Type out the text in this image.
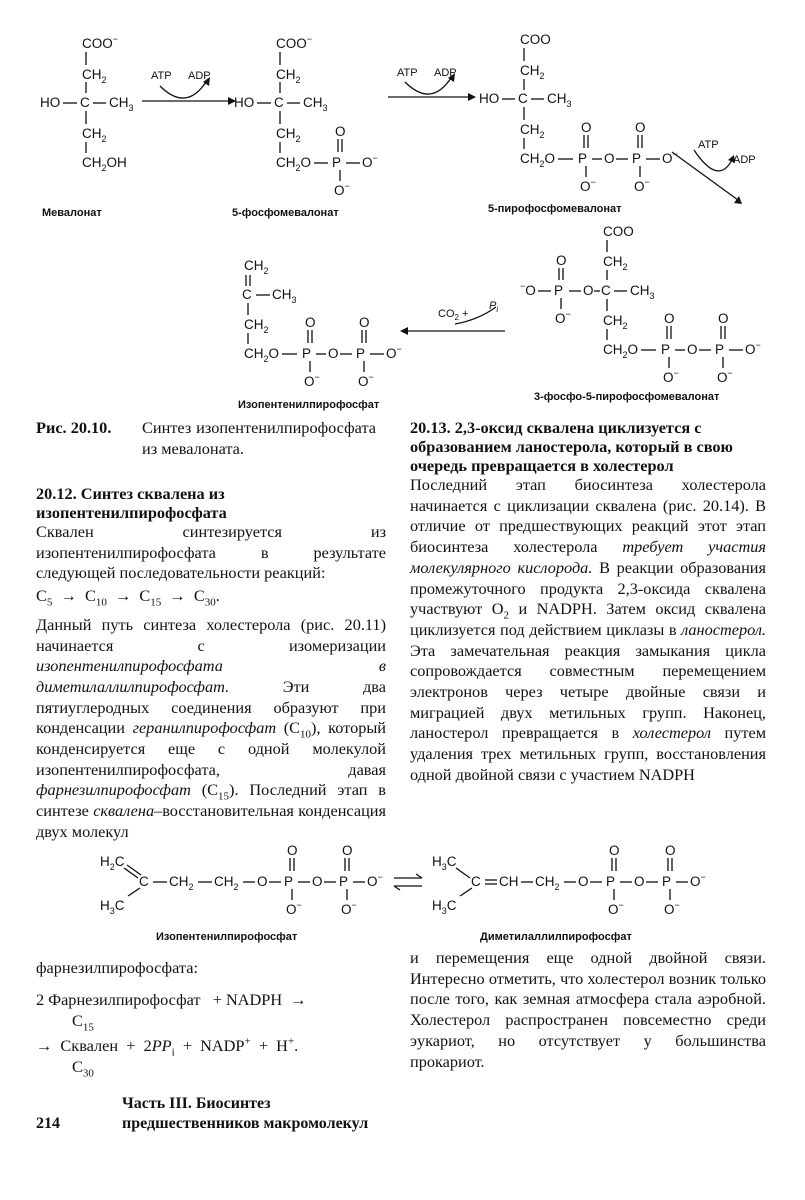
COO−
$CH_2$
HO C $CH_3$
$CH_2$
$CH_2OH$
ATP ADP
COO−
$CH_2$
HO C $CH_3$
$CH_2$
$CH_2O$ P
O
O−
O−
ATP ADP
COO
$CH_2$
HO C $CH_3$
$CH_2$
$CH_2O$ P
O
O−
O P
O
O−
O−
ATP
ADP
COO
$CH_2$
−O P
O
O−
O C $CH_3$
$CH_2$
$CH_2O$ P
O
O−
O P
O
O−
O−
$CO_2$ +
$P_i$
$CH_2$
C $CH_3$
$CH_2$
$CH_2O$ P
O
O−
O P
O
O−
O−
Мевалонат	5-фосфомевалонат	5-пирофосфомевалонат
Изопентенилпирофосфат
3-фосфо-5-пирофосфомевалонат
Рис. 20.10.	Синтез изопентенилпирофосфата из мевалоната.

20.12. Синтез сквалена из изопентенилпирофосфата

Сквален синтезируется из изопентенилпирофосфата в результате следующей последовательности реакций:

$C_5 \to C_{10} \to C_{15} \to C_{30}$.

Данный путь синтеза холестерола (рис. 20.11) начинается с изомеризации изопентенилпирофосфата в диметилаллилпирофосфат. Эти два пятиуглеродных соединения образуют при конденсации геранилпирофосфат $(C_{10})$, который конденсируется еще с одной молекулой изопентенилпирофосфата, давая фарнезилпирофосфат $(C_{15})$. Последний этап в синтезе сквалена–восстановительная конденсация двух молекул

20.13. 2,3-оксид сквалена циклизуется с образованием ланостерола, который в свою очередь превращается в холестерол

Последний этап биосинтеза холестерола начинается с циклизации сквалена (рис. 20.14). В отличие от предшествующих реакций этот этап биосинтеза холестерола требует участия молекулярного кислорода. В реакции образования промежуточного продукта 2,3-оксида сквалена участвуют $O_2$ и NADPH. Затем оксид сквалена циклизуется под действием циклазы в ланостерол. Эта замечательная реакция замыкания цикла сопровождается совместным перемещением электронов через четыре двойные связи и миграцией двух метильных групп. Наконец, ланостерол превращается в холестерол путем удаления трех метильных групп, восстановления одной двойной связи с участием NADPH

$H_2C$
C $CH_2$ $CH_2$ O P
O
O−
O P
O
O−
O−
$H_3C$
$H_3C$
C CH $CH_2$ O P
O
O−
O P
O
O−
O−
$H_3C$
Изопентенилпирофосфат	Диметилаллилпирофосфат
фарнезилпирофосфата:
2 Фарнезилпирофосфат + NADPH  →
$C_{15}$
→  Сквален  +  $2PP_i$  +  NADP+  +  H+.
$C_{30}$

и перемещения еще одной двойной связи. Интересно отметить, что холестерол возник только после того, как земная атмосфера стала аэробной. Холестерол распространен повсеместно среди эукариот, но отсутствует у большинства прокариот.

214
Часть III. Биосинтез
предшественников макромолекул
